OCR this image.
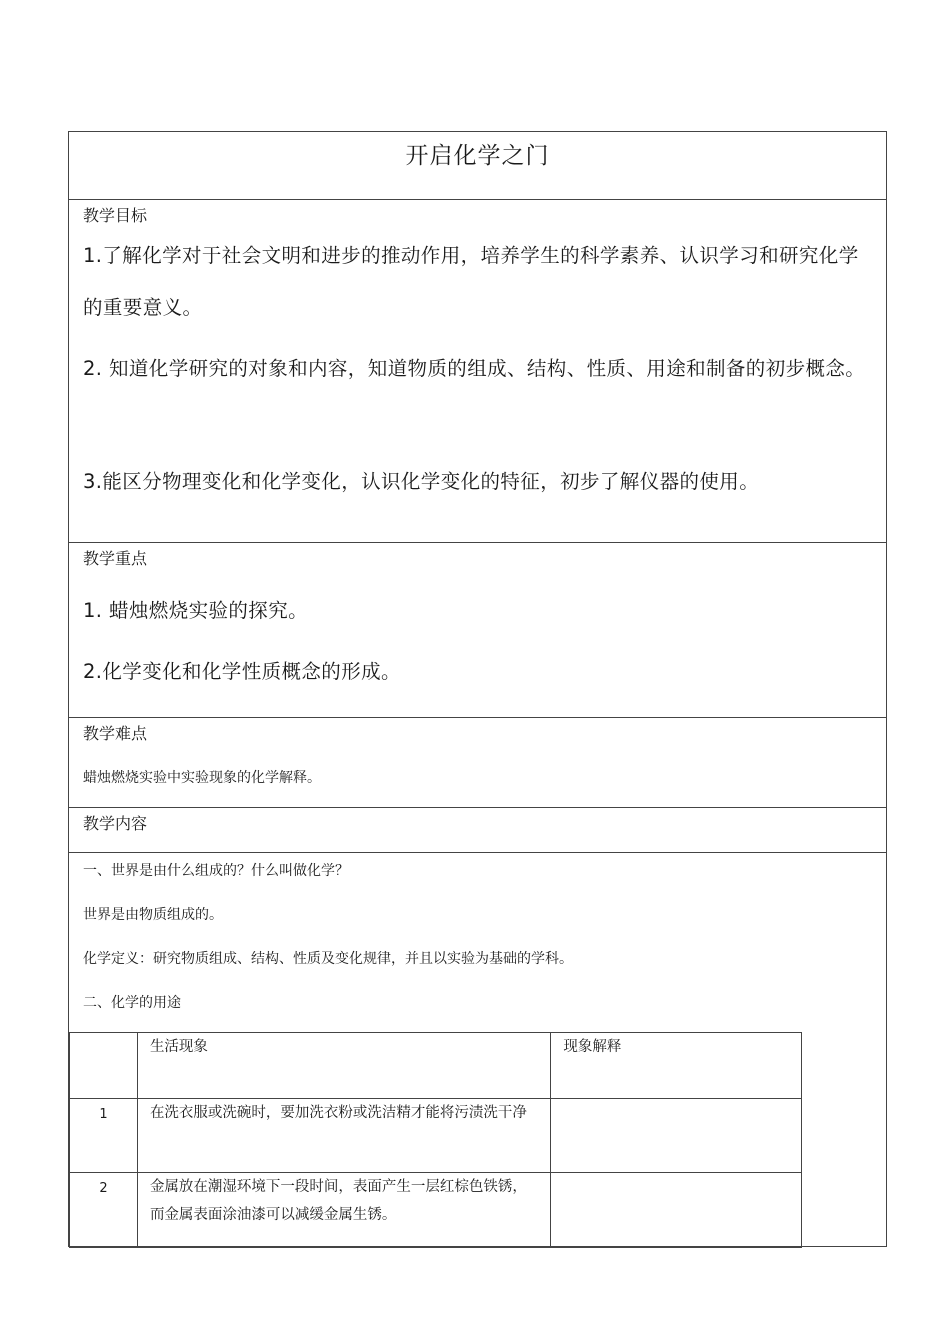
开启化学之门
教学目标
1.了解化学对于社会文明和进步的推动作用，培养学生的科学素养、认识学习和研究化学的重要意义。
2. 知道化学研究的对象和内容，知道物质的组成、结构、性质、用途和制备的初步概念。
3.能区分物理变化和化学变化，认识化学变化的特征，初步了解仪器的使用。
教学重点
1. 蜡烛燃烧实验的探究。
2.化学变化和化学性质概念的形成。
教学难点
蜡烛燃烧实验中实验现象的化学解释。
教学内容
一、世界是由什么组成的？什么叫做化学？
世界是由物质组成的。
化学定义：研究物质组成、结构、性质及变化规律，并且以实验为基础的学科。
二、化学的用途
	生活现象	现象解释
1	在洗衣服或洗碗时，要加洗衣粉或洗洁精才能将污渍洗干净	
2	金属放在潮湿环境下一段时间，表面产生一层红棕色铁锈，而金属表面涂油漆可以减缓金属生锈。	
